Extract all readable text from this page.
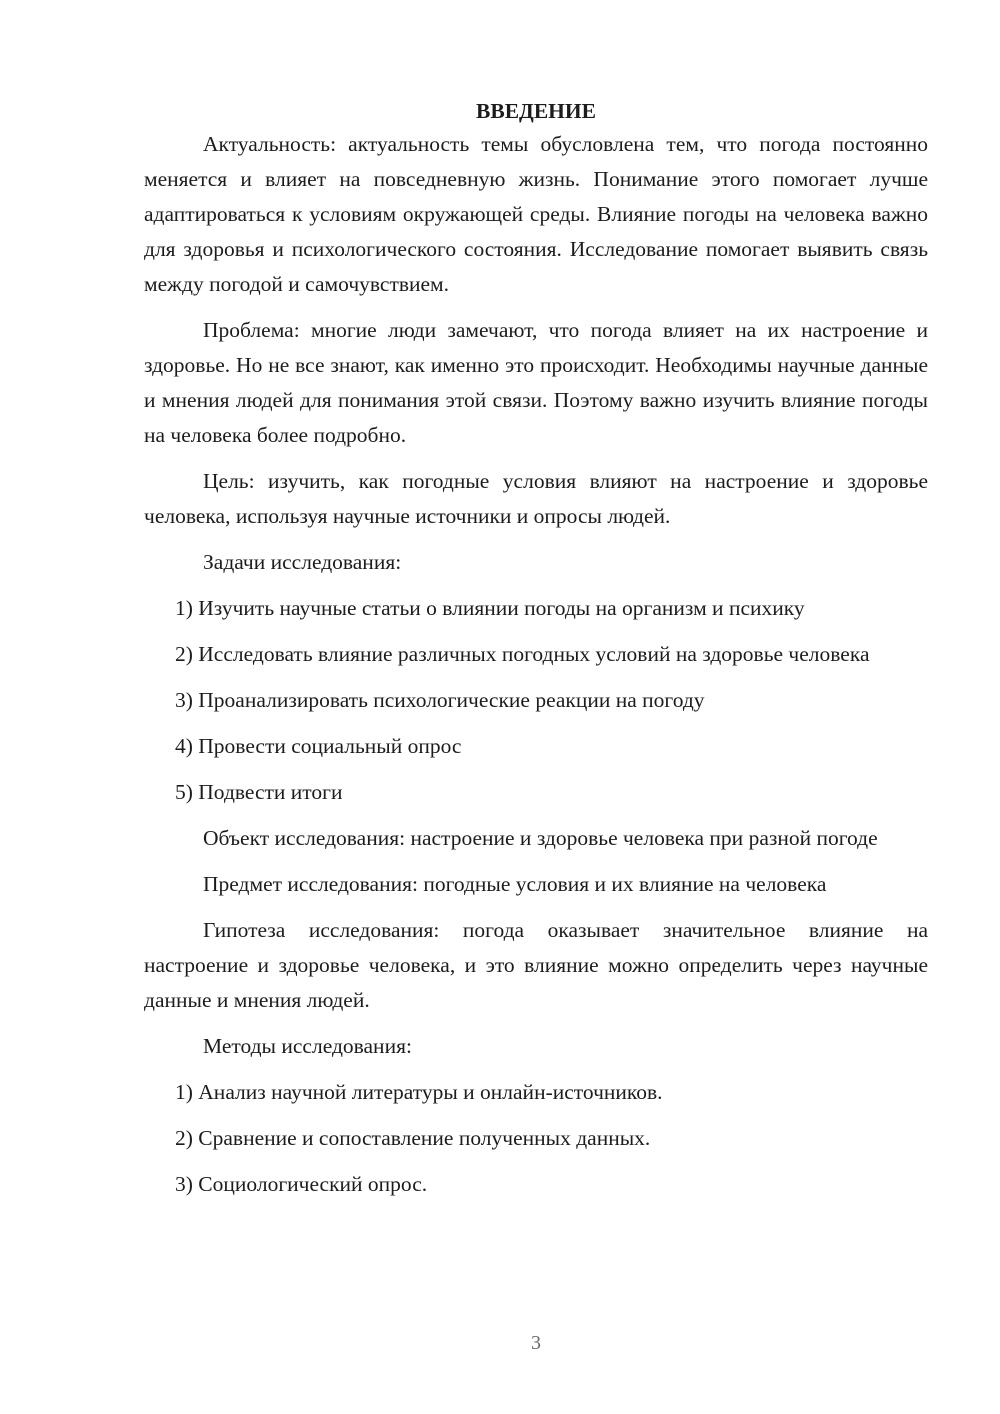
ВВЕДЕНИЕ

Актуальность: актуальность темы обусловлена тем, что погода постоянно меняется и влияет на повседневную жизнь. Понимание этого помогает лучше адаптироваться к условиям окружающей среды. Влияние погоды на человека важно для здоровья и психологического состояния. Исследование помогает выявить связь между погодой и самочувствием.

Проблема: многие люди замечают, что погода влияет на их настроение и здоровье. Но не все знают, как именно это происходит. Необходимы научные данные и мнения людей для понимания этой связи. Поэтому важно изучить влияние погоды на человека более подробно.

Цель: изучить, как погодные условия влияют на настроение и здоровье человека, используя научные источники и опросы людей.

Задачи исследования:

1) Изучить научные статьи о влиянии погоды на организм и психику

2) Исследовать влияние различных погодных условий на здоровье человека

3) Проанализировать психологические реакции на погоду

4) Провести социальный опрос

5) Подвести итоги

Объект исследования: настроение и здоровье человека при разной погоде

Предмет исследования: погодные условия и их влияние на человека

Гипотеза исследования: погода оказывает значительное влияние на настроение и здоровье человека, и это влияние можно определить через научные данные и мнения людей.

Методы исследования:

1) Анализ научной литературы и онлайн-источников.

2) Сравнение и сопоставление полученных данных.

3) Социологический опрос.

3
